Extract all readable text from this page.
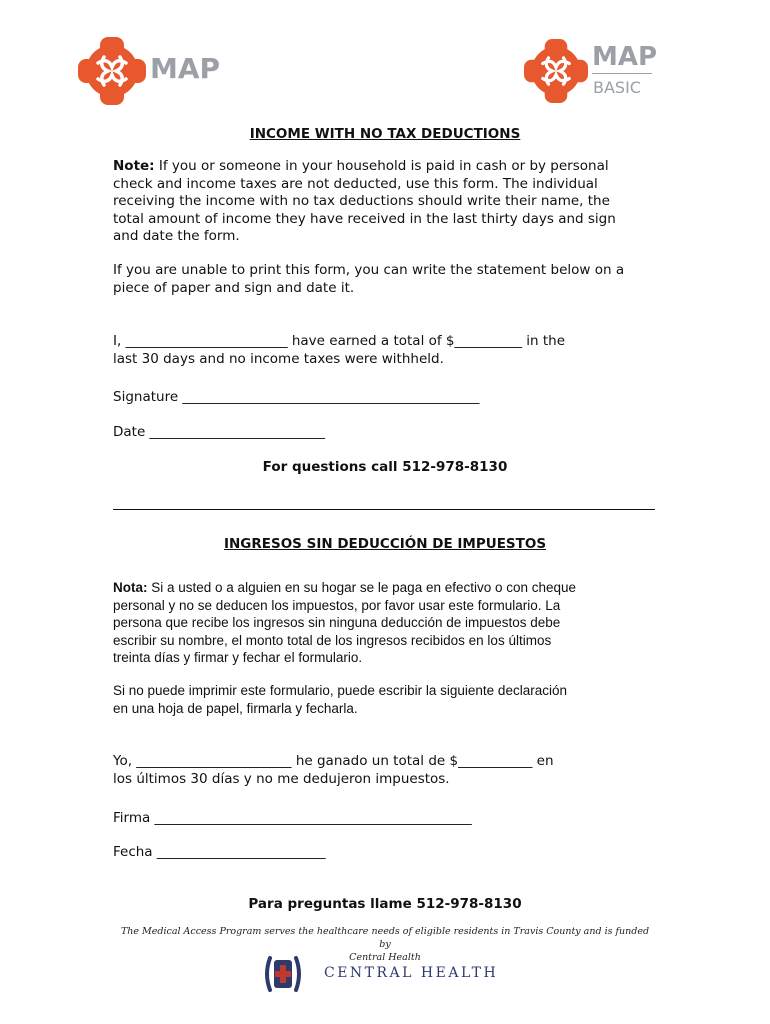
MAP	MAP
BASIC
INCOME WITH NO TAX DEDUCTIONS
Note: If you or someone in your household is paid in cash or by personal
check and income taxes are not deducted, use this form. The individual
receiving the income with no tax deductions should write their name, the
total amount of income they have received in the last thirty days and sign
and date the form.
If you are unable to print this form, you can write the statement below on a
piece of paper and sign and date it.
I, ________________________ have earned a total of $__________ in the
last 30 days and no income taxes were withheld.
Signature ____________________________________________
Date __________________________
For questions call 512-978-8130
INGRESOS SIN DEDUCCIÓN DE IMPUESTOS
Nota: Si a usted o a alguien en su hogar se le paga en efectivo o con cheque
personal y no se deducen los impuestos, por favor usar este formulario. La
persona que recibe los ingresos sin ninguna deducción de impuestos debe
escribir su nombre, el monto total de los ingresos recibidos en los últimos
treinta días y firmar y fechar el formulario.
Si no puede imprimir este formulario, puede escribir la siguiente declaración
en una hoja de papel, firmarla y fecharla.
Yo, _______________________ he ganado un total de $___________ en
los últimos 30 días y no me dedujeron impuestos.
Firma _______________________________________________
Fecha _________________________
Para preguntas llame 512-978-8130
The Medical Access Program serves the healthcare needs of eligible residents in Travis County and is funded by
Central Health
CENTRAL HEALTH
